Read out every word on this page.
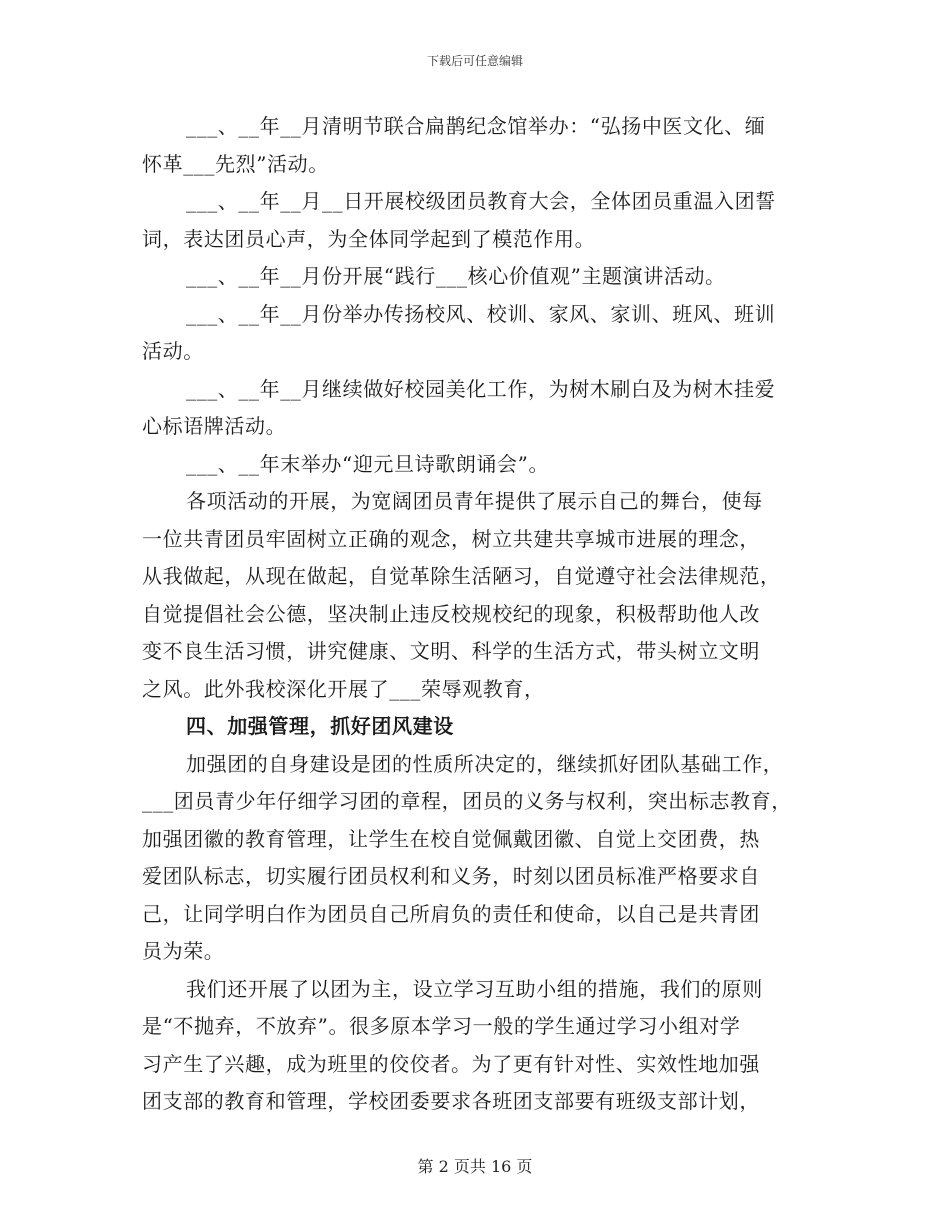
下载后可任意编辑
___、__年__月清明节联合扁鹊纪念馆举办：“弘扬中医文化、缅
怀革___先烈”活动。
___、__年__月__日开展校级团员教育大会，全体团员重温入团誓
词，表达团员心声，为全体同学起到了模范作用。
___、__年__月份开展“践行___核心价值观”主题演讲活动。
___、__年__月份举办传扬校风、校训、家风、家训、班风、班训
活动。
___、__年__月继续做好校园美化工作，为树木刷白及为树木挂爱
心标语牌活动。
___、__年末举办“迎元旦诗歌朗诵会”。
各项活动的开展，为宽阔团员青年提供了展示自己的舞台，使每
一位共青团员牢固树立正确的观念，树立共建共享城市进展的理念，
从我做起，从现在做起，自觉革除生活陋习，自觉遵守社会法律规范，
自觉提倡社会公德，坚决制止违反校规校纪的现象，积极帮助他人改
变不良生活习惯，讲究健康、文明、科学的生活方式，带头树立文明
之风。此外我校深化开展了___荣辱观教育，
四、加强管理，抓好团风建设
加强团的自身建设是团的性质所决定的，继续抓好团队基础工作，
___团员青少年仔细学习团的章程，团员的义务与权利，突出标志教育，
加强团徽的教育管理，让学生在校自觉佩戴团徽、自觉上交团费，热
爱团队标志，切实履行团员权利和义务，时刻以团员标准严格要求自
己，让同学明白作为团员自己所肩负的责任和使命，以自己是共青团
员为荣。
我们还开展了以团为主，设立学习互助小组的措施，我们的原则
是“不抛弃，不放弃”。很多原本学习一般的学生通过学习小组对学
习产生了兴趣，成为班里的佼佼者。为了更有针对性、实效性地加强
团支部的教育和管理，学校团委要求各班团支部要有班级支部计划，
第 2 页共 16 页
